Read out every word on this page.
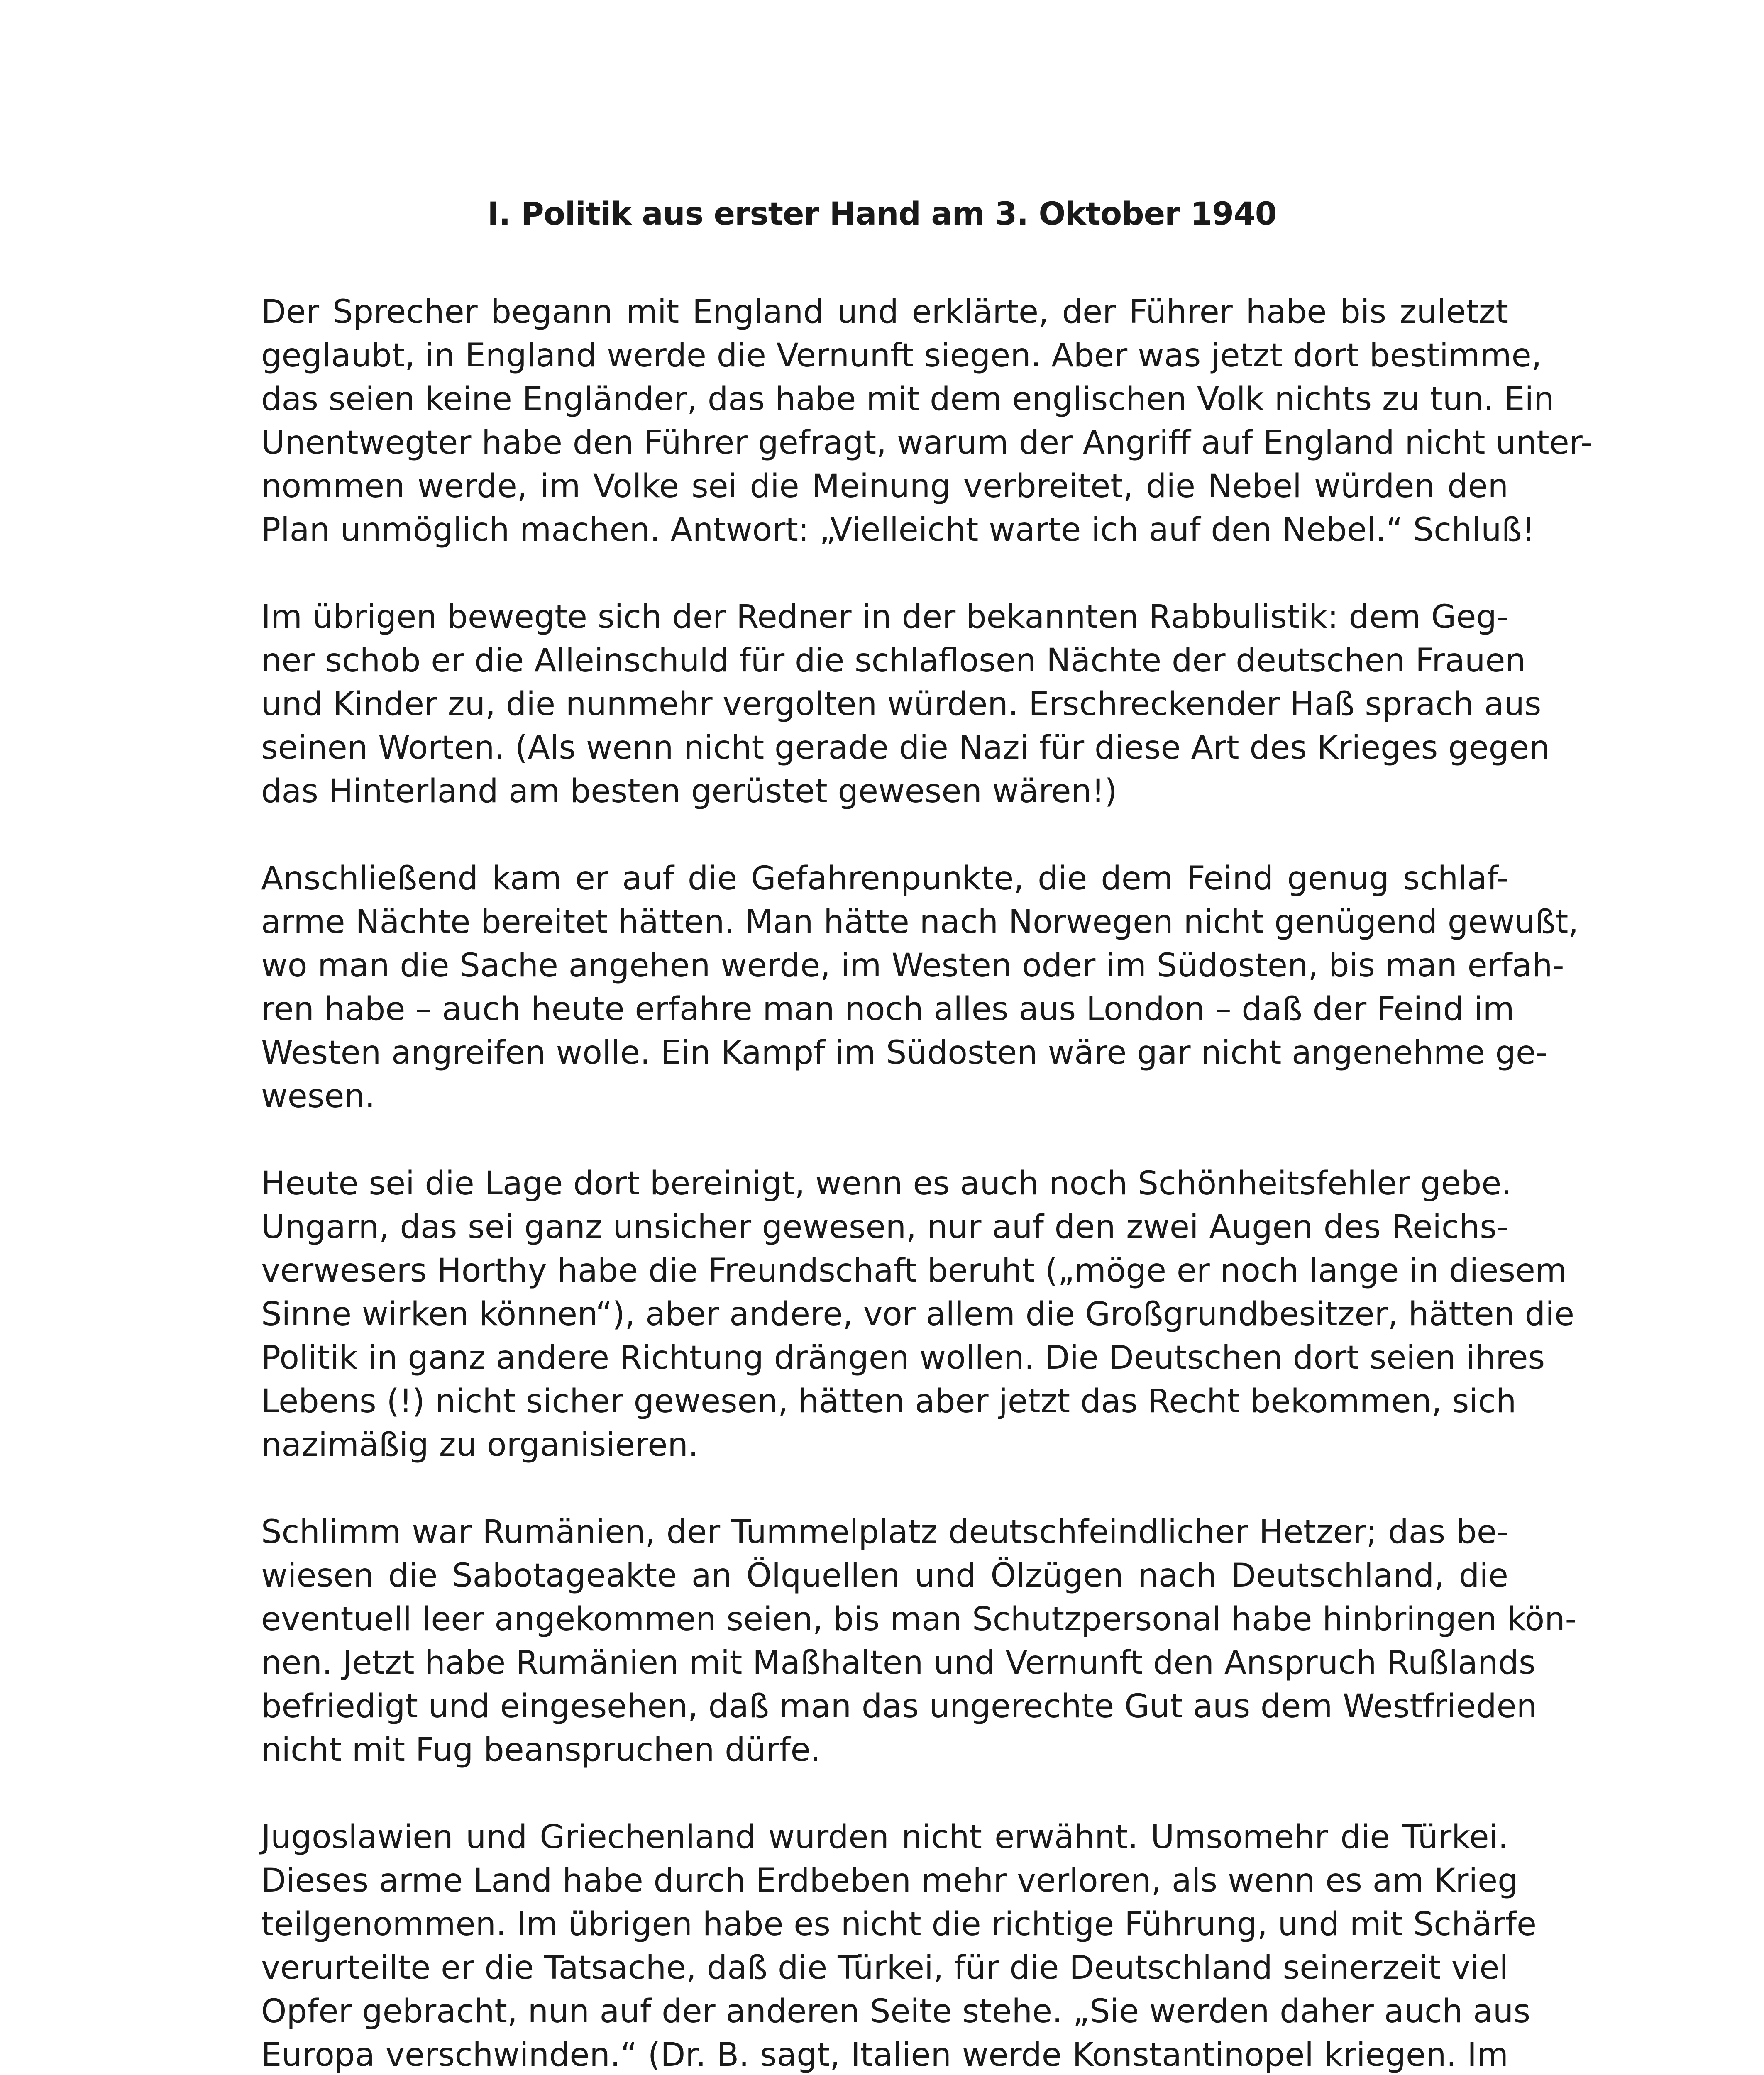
I. Politik aus erster Hand am 3. Oktober 1940

Der Sprecher begann mit England und erklärte, der Führer habe bis zuletzt
geglaubt, in England werde die Vernunft siegen. Aber was jetzt dort bestimme,
das seien keine Engländer, das habe mit dem englischen Volk nichts zu tun. Ein
Unentwegter habe den Führer gefragt, warum der Angriff auf England nicht unter-
nommen werde, im Volke sei die Meinung verbreitet, die Nebel würden den
Plan unmöglich machen. Antwort: „Vielleicht warte ich auf den Nebel.“ Schluß!

Im übrigen bewegte sich der Redner in der bekannten Rabbulistik: dem Geg-
ner schob er die Alleinschuld für die schlaflosen Nächte der deutschen Frauen
und Kinder zu, die nunmehr vergolten würden. Erschreckender Haß sprach aus
seinen Worten. (Als wenn nicht gerade die Nazi für diese Art des Krieges gegen
das Hinterland am besten gerüstet gewesen wären!)

Anschließend kam er auf die Gefahrenpunkte, die dem Feind genug schlaf-
arme Nächte bereitet hätten. Man hätte nach Norwegen nicht genügend gewußt,
wo man die Sache angehen werde, im Westen oder im Südosten, bis man erfah-
ren habe – auch heute erfahre man noch alles aus London – daß der Feind im
Westen angreifen wolle. Ein Kampf im Südosten wäre gar nicht angenehme ge-
wesen.

Heute sei die Lage dort bereinigt, wenn es auch noch Schönheitsfehler gebe.
Ungarn, das sei ganz unsicher gewesen, nur auf den zwei Augen des Reichs-
verwesers Horthy habe die Freundschaft beruht („möge er noch lange in diesem
Sinne wirken können“), aber andere, vor allem die Großgrundbesitzer, hätten die
Politik in ganz andere Richtung drängen wollen. Die Deutschen dort seien ihres
Lebens (!) nicht sicher gewesen, hätten aber jetzt das Recht bekommen, sich
nazimäßig zu organisieren.

Schlimm war Rumänien, der Tummelplatz deutschfeindlicher Hetzer; das be-
wiesen die Sabotageakte an Ölquellen und Ölzügen nach Deutschland, die
eventuell leer angekommen seien, bis man Schutzpersonal habe hinbringen kön-
nen. Jetzt habe Rumänien mit Maßhalten und Vernunft den Anspruch Rußlands
befriedigt und eingesehen, daß man das ungerechte Gut aus dem Westfrieden
nicht mit Fug beanspruchen dürfe.

Jugoslawien und Griechenland wurden nicht erwähnt. Umsomehr die Türkei.
Dieses arme Land habe durch Erdbeben mehr verloren, als wenn es am Krieg
teilgenommen. Im übrigen habe es nicht die richtige Führung, und mit Schärfe
verurteilte er die Tatsache, daß die Türkei, für die Deutschland seinerzeit viel
Opfer gebracht, nun auf der anderen Seite stehe. „Sie werden daher auch aus
Europa verschwinden.“ (Dr. B. sagt, Italien werde Konstantinopel kriegen. Im
